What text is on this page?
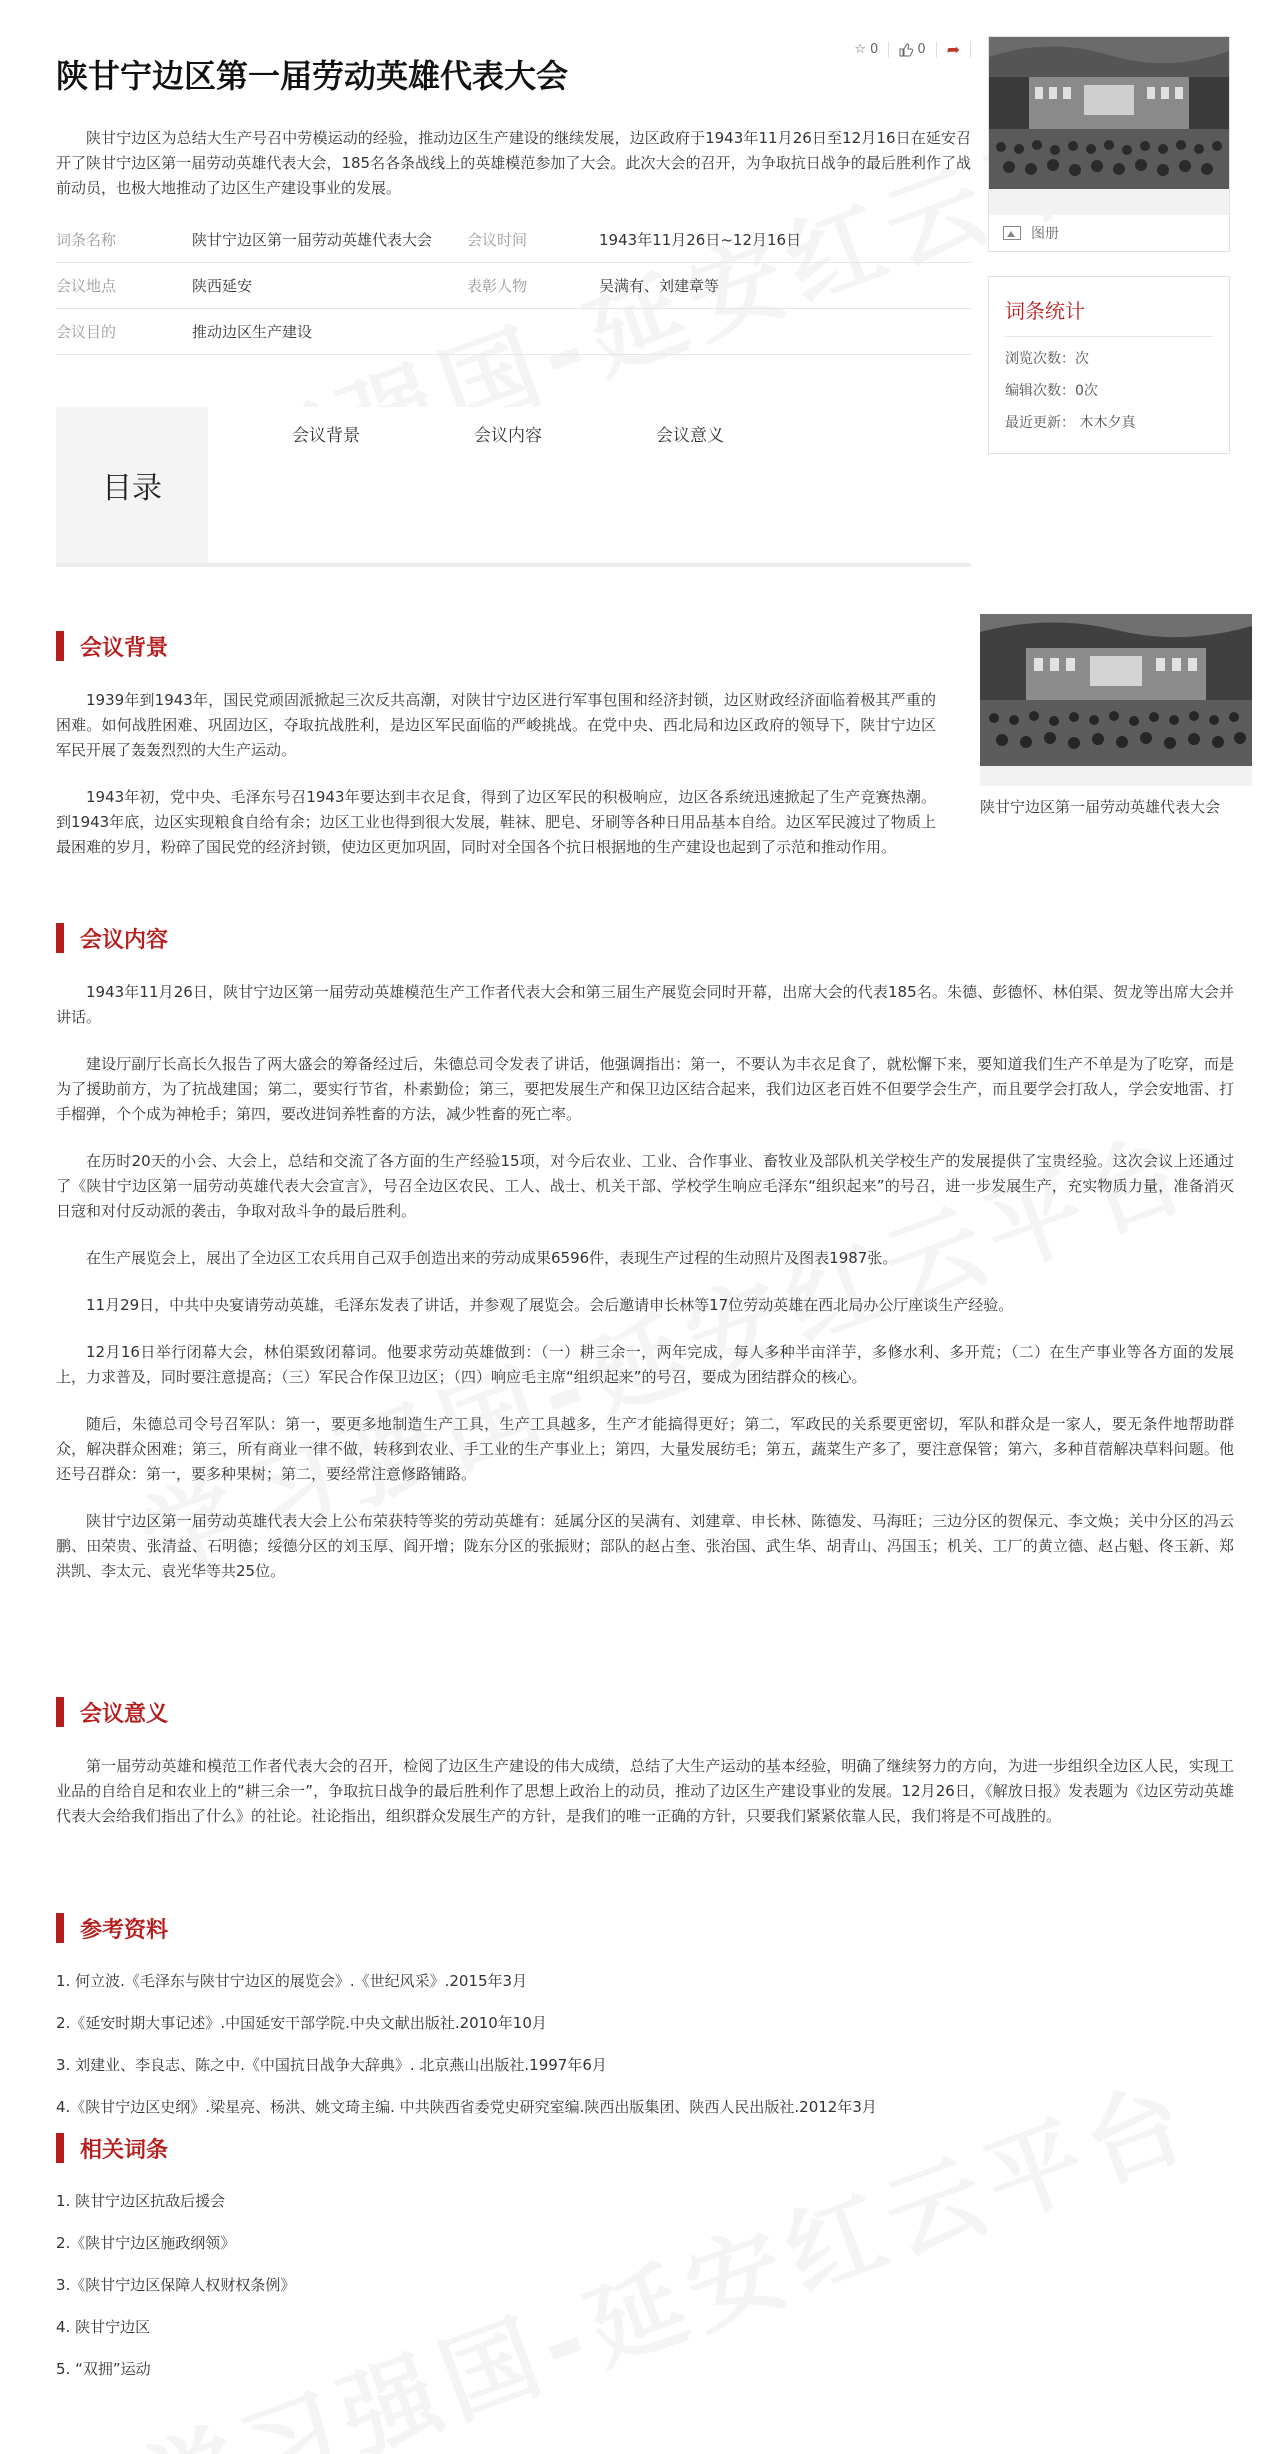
☆ 0	0 ➦
陕甘宁边区第一届劳动英雄代表大会

陕甘宁边区为总结大生产号召中劳模运动的经验，推动边区生产建设的继续发展，边区政府于1943年11月26日至12月16日在延安召开了陕甘宁边区第一届劳动英雄代表大会，185名各条战线上的英雄模范参加了大会。此次大会的召开，为争取抗日战争的最后胜利作了战前动员，也极大地推动了边区生产建设事业的发展。

词条名称	陕甘宁边区第一届劳动英雄代表大会	会议时间	1943年11月26日~12月16日
会议地点	陕西延安	表彰人物	吴满有、刘建章等
会议目的	推动边区生产建设
目录
会议背景	会议内容	会议意义
图册
词条统计
浏览次数：次
编辑次数：0次
最近更新： 木木夕真
会议背景
陕甘宁边区第一届劳动英雄代表大会

1939年到1943年，国民党顽固派掀起三次反共高潮，对陕甘宁边区进行军事包围和经济封锁，边区财政经济面临着极其严重的困难。如何战胜困难、巩固边区，夺取抗战胜利，是边区军民面临的严峻挑战。在党中央、西北局和边区政府的领导下，陕甘宁边区军民开展了轰轰烈烈的大生产运动。

1943年初，党中央、毛泽东号召1943年要达到丰衣足食，得到了边区军民的积极响应，边区各系统迅速掀起了生产竞赛热潮。到1943年底，边区实现粮食自给有余；边区工业也得到很大发展，鞋袜、肥皂、牙刷等各种日用品基本自给。边区军民渡过了物质上最困难的岁月，粉碎了国民党的经济封锁，使边区更加巩固，同时对全国各个抗日根据地的生产建设也起到了示范和推动作用。

会议内容

1943年11月26日，陕甘宁边区第一届劳动英雄模范生产工作者代表大会和第三届生产展览会同时开幕，出席大会的代表185名。朱德、彭德怀、林伯渠、贺龙等出席大会并讲话。

建设厅副厅长高长久报告了两大盛会的筹备经过后，朱德总司令发表了讲话，他强调指出：第一，不要认为丰衣足食了，就松懈下来，要知道我们生产不单是为了吃穿，而是为了援助前方，为了抗战建国；第二，要实行节省，朴素勤俭；第三，要把发展生产和保卫边区结合起来，我们边区老百姓不但要学会生产，而且要学会打敌人，学会安地雷、打手榴弹，个个成为神枪手；第四，要改进饲养牲畜的方法，减少牲畜的死亡率。

在历时20天的小会、大会上，总结和交流了各方面的生产经验15项，对今后农业、工业、合作事业、畜牧业及部队机关学校生产的发展提供了宝贵经验。这次会议上还通过了《陕甘宁边区第一届劳动英雄代表大会宣言》，号召全边区农民、工人、战士、机关干部、学校学生响应毛泽东“组织起来”的号召，进一步发展生产，充实物质力量，准备消灭日寇和对付反动派的袭击，争取对敌斗争的最后胜利。

在生产展览会上，展出了全边区工农兵用自己双手创造出来的劳动成果6596件，表现生产过程的生动照片及图表1987张。

11月29日，中共中央宴请劳动英雄，毛泽东发表了讲话，并参观了展览会。会后邀请申长林等17位劳动英雄在西北局办公厅座谈生产经验。

12月16日举行闭幕大会，林伯渠致闭幕词。他要求劳动英雄做到：（一）耕三余一，两年完成，每人多种半亩洋芋，多修水利、多开荒；（二）在生产事业等各方面的发展上，力求普及，同时要注意提高；（三）军民合作保卫边区；（四）响应毛主席“组织起来”的号召，要成为团结群众的核心。

随后，朱德总司令号召军队：第一，要更多地制造生产工具，生产工具越多，生产才能搞得更好；第二，军政民的关系要更密切，军队和群众是一家人，要无条件地帮助群众，解决群众困难；第三，所有商业一律不做，转移到农业、手工业的生产事业上；第四，大量发展纺毛；第五，蔬菜生产多了，要注意保管；第六，多种苜蓿解决草料问题。他还号召群众：第一，要多种果树；第二，要经常注意修路铺路。

陕甘宁边区第一届劳动英雄代表大会上公布荣获特等奖的劳动英雄有：延属分区的吴满有、刘建章、申长林、陈德发、马海旺；三边分区的贺保元、李文焕；关中分区的冯云鹏、田荣贵、张清益、石明德；绥德分区的刘玉厚、阎开增；陇东分区的张振财；部队的赵占奎、张治国、武生华、胡青山、冯国玉；机关、工厂的黄立德、赵占魁、佟玉新、郑洪凯、李太元、袁光华等共25位。

会议意义

第一届劳动英雄和模范工作者代表大会的召开，检阅了边区生产建设的伟大成绩，总结了大生产运动的基本经验，明确了继续努力的方向，为进一步组织全边区人民，实现工业品的自给自足和农业上的“耕三余一”，争取抗日战争的最后胜利作了思想上政治上的动员，推动了边区生产建设事业的发展。12月26日，《解放日报》发表题为《边区劳动英雄代表大会给我们指出了什么》的社论。社论指出，组织群众发展生产的方针，是我们的唯一正确的方针，只要我们紧紧依靠人民，我们将是不可战胜的。

参考资料
1. 何立波.《毛泽东与陕甘宁边区的展览会》.《世纪风采》.2015年3月
2.《延安时期大事记述》.中国延安干部学院.中央文献出版社.2010年10月
3. 刘建业、李良志、陈之中.《中国抗日战争大辞典》. 北京燕山出版社.1997年6月
4.《陕甘宁边区史纲》.梁星亮、杨洪、姚文琦主编. 中共陕西省委党史研究室编.陕西出版集团、陕西人民出版社.2012年3月
相关词条
1. 陕甘宁边区抗敌后援会
2.《陕甘宁边区施政纲领》
3.《陕甘宁边区保障人权财权条例》
4. 陕甘宁边区
5. “双拥”运动
